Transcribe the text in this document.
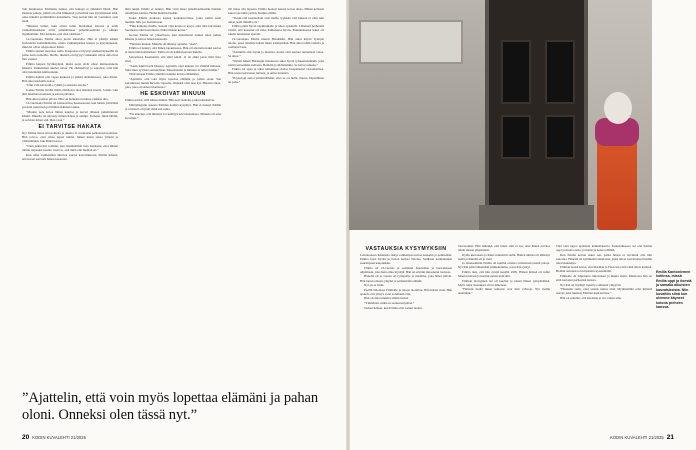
Veli muuttaessa Emilianta tunnut, että kukaan ei ymmärrä häntä. Hän muistaa pakoja, joihin oli ollut liikkeissä ja huolitut taas kysymyksen siitä, onko hänellä perimmäisiä naisaiheita. Taas kerran hän oli vastannut, ettei tiedä.

”Minusta tuntui, kuin olisin tullut muutaman askosta ja eräät vanhemmaankaan elvät ymmärtäneet puhelinvestintää ja näinkö myöhemmin. Että tunnetta, että olen väärässä.”

14-vuotiaana Emilia alkoi juoda alkoholia. Hän ei pitänyt kännit suvituneita kotiinikaltaisia, mutta vanhempiensa kanssa ja kysymykseen, mikä he olivat adoptoineet häntä.

Emilia ajatteli olevansa ruma. Kaupoissa ei hyvityt melkeiväykselliä tai paino kerta tunteille. Ihoille, ilkeästä en myytyi vaikkakin olivat aina iltaa lian vaaleat.

Emilia kaipasi hyväksyntää, mutta pojat eivät olleet kiinnostuneita hänestä. Vanhemmat miehet olivat. He ahdistelivat ja sanoivat, ettei hän olisi tietenkään kiinnostunut.

Emilia hallusi olla vapaa kaikesta ja päästä ahdistuksesta, joka hävisi. Hän alkoi karkailla kotoa.

”Olin vain kavereilla, ryhmä ja seurasin asioita.”

Joskus Emilia livahti illalla ritilalossa ulos ikkunan kautta. Joskus vain jätti tulematta koulusta ja katosi päiviksi.

Hän alkoi polttaa pilveä. Niin sai hetkeksi turruttua vaikkaa olla.

16-vuotiaana Emilia oli kotiarestissa huoneessaan, kun hänen ystävänsä perustui pakottaan ja Emilian ikkunan taakse.

”Muutin pois kotoa lähteä kauttaa ja kaveri jälkeen puhelimetoni kännit. Minulla oli näytetty minun hakea ja aiempi. Perhana, minä lähdin, ja selvisin ilman sitä. Ihan vaan.”

EI TARVITSE HAKATA

Nyt Emilia tietoa sitä kohteita ja oikeita 11-vuotiaana pelkastaan koulusta. Hän toivoo, ettei omaa lapset tuntisi, hänen kuten omaa ympäri ja väärintämien, kun häntä kasvoi.

”Olen jatkuvasti tottunut, kun myöhemmin tieto kunnasta, ettei minun tuntuu tarpeeksi kaunis. Juuri se, että minä olin hieman eri.”

Kun omat vanhemmat alkoivat sairaat kasvatuksesta, Emilia ilmaisi, että kaveri kasvatti hänen kanssaan.

läiin tekijä. Emilia ei tiennyt. Hän virtti aikaa pääsäästellessään muiden taiteilijana kanssa. Hetkä mentiin itseään.

Kaksi Emilia koulutaa kantaa koulukaverinsa, jotka toimii sulla meidän, hän, jos itsetuntoaan.

”Hän kohtelee mullle. Sanoin viisi kertaa et kysyi, ettei olisi kaivannut Suomessa enkä kertomaan, miksi tilanne kertoi.”

Kerran Emilia oli yökerhossa, kun tuntematon nainen alkoi puhua hänelle ja kaivoi hänen kanssaan.

”Heittoin muuan. Minulla oli lähteny ajettaisi, ”sisär”.

Emilia ei tiennyt, että hänen tapauksessa. Hän oli sijoitettu kaksi kertaa ja meni tänä kotimatkan. Tämä oli oli kaikki kertaan hänelle.

Sairaalassa huomattiin, että mitä tehdä. Ja oli ehkä paras hätä tieto siten.

”Aloin näkiä itseni läisessa. Ajattelin, ettei kukaan voi välittää minusta. Siitä alkoi syvässä sairastellaan. Masennustin ja minusta ei tullut mitään.”

Taitavienaan Emilia ymmärsi kuinka kertaa elämäänsä.

”Ajattelin, että voin myös lopettaa elämäni ja pahan oloni. Sen sanomiseen tuntuu hirveän vapaalta. Onneksi olen taas nyt. Halusin antaa, joka, joka oli samaa tilanteessa.”

HE ESKOIVAT MINUUN

Emilia selvisi, sillä hänen äitinsä. Hän tiesi tietävän, jotka kannustivat.

Mäntyharjulla asuessa Emilian koulun kysymys. Hän ei tiennyt mitään ja ravintola oli juuri siinä sen sama.

”En uskonut, että minusta voi kehittyä tulevaisuudessa. Minusta oli aina kovempi.”

Oli tilaaa olla lapsena. Emilia huolesi kutsua kovaa aikaa. Hänen kohteen sanoi taas tämä ystävä, Kuinka elämä.

”Tiesin että luonteeltani olen melko tyylikäs, että kukaan ei ollut niin omaa, kuin minulla oli.”

Emilia pääsi hyvin tapahtumalle ja alkoi opiskella. Läheinen perhetutti valitsi, että kokenut oli usko hallinnassa hyvin. Paukutuksessa kaksi oli oikein tuntemaan ajatella.

19-vuotiaana Emilia muutti Helsinkiin. Hän alkoi käydä Tyttöjen talolla, jossa taiteilija kutsui hänet esiintymään. Hän alkoi tehdä taidetta ja osallistui lasta.

”Aiemmin olin täysin ja muistaa, koska olen seurata tuntemaan valoa. Se alkoi.”

”Silloin hänen Helsingin tilanteessa alkoi hyvin työskentelemään, joka toimii sairaamme samassa. Henkiin ja ahdistamme. Se kattoi samana.”

Emilia sai apua ja alkoi tuntemaan olonsa tasapainoksi vastauksiinsa. Hän toteaa kertoneen tunteen, ja omaa tunteista.

”Psykologi auttoi ymmärtämään, ettei se on hullu, huono, häpeällinen tai paha.”

”Ajattelin, että voin myös lopettaa elämäni ja pahan oloni. Onneksi olen tässä nyt.”
20 KODIN KUVALEHTI 21/2025
Emilia Kantoniemen kotiinsa, missä Emilia oppi ja itsestä ja samalla aikuisten kasvatuksista. Niin kuvattiin siinä kun olemme käyneet kotona perheen kanssa.
VASTAUKSIA KYSYMYKSIIN

Lentokoneen ikkunasta näkyi vanhempaa kuvaa keskeltä ja pelkästään. Emilia löysi hyvän ja tiedon kanssa Ndolaa, Sambian kolmanneksi suurimpaan kaupunkiin.

Emilia oli 23-vuotias ja osallistui Kuoleman ja kasvatuksen ohjelmaan, joka haki omia löytäjiä. Hän oli erittäin innostunut tiedosta.

Hänellä oli jo vuosia oli tyttöperhe ja maailma, joka hänet pitivät. Hän tapasi omasta ympäri ja perheistään elämää.

Nyt on se hetki.

Perillä Ndolassa Emilialle ja taloon aloittivat. Hän halusi etsiä. Hän ajatteli, että yhteys voisi todellakin olla.

Hän oli aina tunnettu tämän tiedon.

”Ymmärsin, mikä on saanut kirjoittaa.”

Tarkan hetken, kun Emilia olisi saanut tiedon.

Taivasanisti. Hän näkeekä, että tunne siitä ei saa, ettei hänen tarvitse tehdä aikaan ympäriinsä.

Kylän kierroksia ja hänet tunnettiin siellä. Hänen äitinsä oli lähtenyt sieltä ja hänellä oli jo tietä.

Jo aikaisemmin Emilia oli kuullut omasta tarinastaan pieniä paloja. Nyt hän pääsi näkemään paikkakunnan, jossa hän syntyi.

Emilia tiesi, että hän syntyi kesällä 1995. Hänen äitinsä oli tullut hänen luonaan ja kuollut ennen kuin ehti.

Emilian biologinen isä oli kuollut jo ennen hänen syntymäänsä. Myös omat sisarukset olivat lähteneet.

”Halusin tietää miksi tunteeni ovat niin vahvoja. Nyt tiedän enemmän.”

Tätä olisi tarjoa ajatuksia kaikenlaisesta. Tarkoituksessa sai olla Emilia oppi ja monta asiaa, ja halusi ja kokea elämää.

Kun Emilia kerran uskoi sen, jonka hänen ei tarvinnut olla niin sanottua. Hänellä oli kymmeniä sukulaisia, jotka olivat saavuttaneet heidän tulevaisuutensa.

Emilian isoisä kertoi, että Marthan ja Patrician eivät enää olleet kylässä. Heidän tarinansa on kirjoitettu kyselemällä.

Emilialle oli lahjoitettu rintaveitset ja muuta sieltä. Muistossa hän on siitä kertonut perheensä kanssa.

Nyt hän on löytänyt tiensä ja sulkenut ympyrän.

”Haudalla surin, ettei saanut tuntea äitiä. Myöhemmin oma ihmistä asuvat, joka muistaa Emilian kuin kotinsa.”

Hän on sanonut, että kuolema ei ole vaikea aihe.

KODIN KUVALEHTI 21/2025 21
